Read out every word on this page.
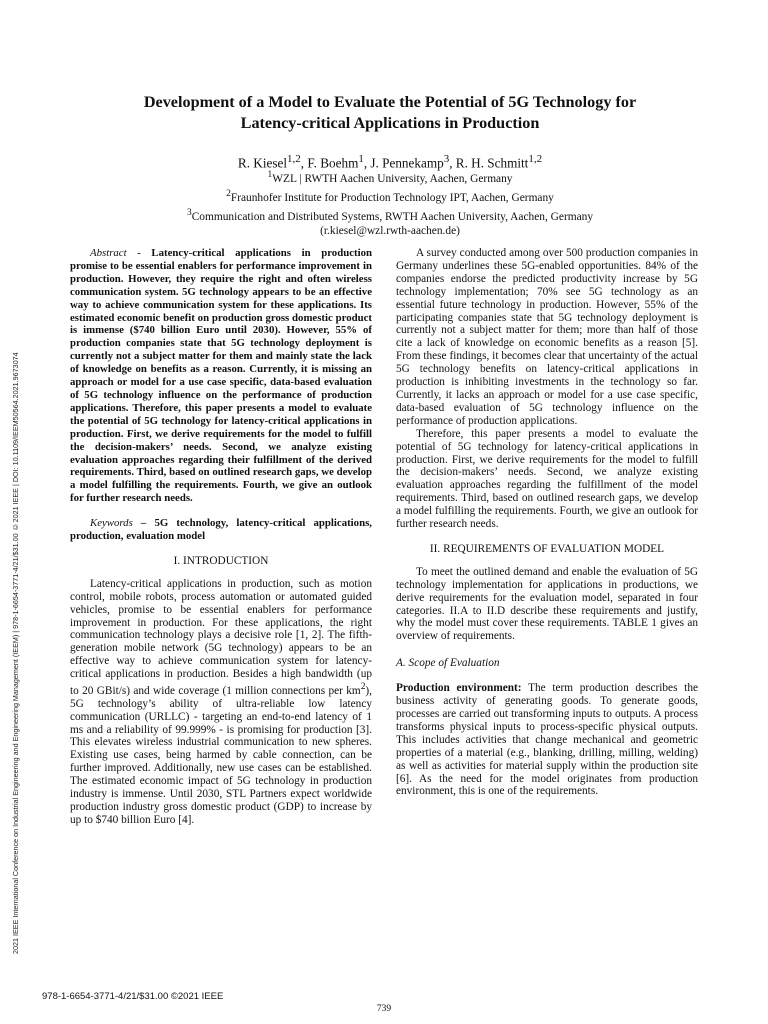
2021 IEEE International Conference on Industrial Engineering and Engineering Management (IEEM) | 978-1-6654-3771-4/21/$31.00 ©2021 IEEE | DOI: 10.1109/IEEM50564.2021.9673074
Development of a Model to Evaluate the Potential of 5G Technology for
Latency-critical Applications in Production
R. Kiesel$^{1,2}$, F. Boehm$^1$, J. Pennekamp$^3$, R. H. Schmitt$^{1,2}$
$^1$WZL | RWTH Aachen University, Aachen, Germany
$^2$Fraunhofer Institute for Production Technology IPT, Aachen, Germany
$^3$Communication and Distributed Systems, RWTH Aachen University, Aachen, Germany
(r.kiesel@wzl.rwth-aachen.de)

Abstract - Latency-critical applications in production promise to be essential enablers for performance improvement in production. However, they require the right and often wireless communication system. 5G technology appears to be an effective way to achieve communication system for these applications. Its estimated economic benefit on production gross domestic product is immense ($740 billion Euro until 2030). However, 55% of production companies state that 5G technology deployment is currently not a subject matter for them and mainly state the lack of knowledge on benefits as a reason. Currently, it is missing an approach or model for a use case specific, data-based evaluation of 5G technology influence on the performance of production applications. Therefore, this paper presents a model to evaluate the potential of 5G technology for latency-critical applications in production. First, we derive requirements for the model to fulfill the decision-makers’ needs. Second, we analyze existing evaluation approaches regarding their fulfillment of the derived requirements. Third, based on outlined research gaps, we develop a model fulfilling the requirements. Fourth, we give an outlook for further research needs.

Keywords – 5G technology, latency-critical applications, production, evaluation model

I. INTRODUCTION

Latency-critical applications in production, such as motion control, mobile robots, process automation or automated guided vehicles, promise to be essential enablers for performance improvement in production. For these applications, the right communication technology plays a decisive role [1, 2]. The fifth-generation mobile network (5G technology) appears to be an effective way to achieve communication system for latency-critical applications in production. Besides a high bandwidth (up to 20 GBit/s) and wide coverage (1 million connections per $km^2$), 5G technology’s ability of ultra-reliable low latency communication (URLLC) - targeting an end-to-end latency of 1 ms and a reliability of 99.999% - is promising for production [3]. This elevates wireless industrial communication to new spheres. Existing use cases, being harmed by cable connection, can be further improved. Additionally, new use cases can be established. The estimated economic impact of 5G technology in production industry is immense. Until 2030, STL Partners expect worldwide production industry gross domestic product (GDP) to increase by up to $740 billion Euro [4].

A survey conducted among over 500 production companies in Germany underlines these 5G-enabled opportunities. 84% of the companies endorse the predicted productivity increase by 5G technology implementation; 70% see 5G technology as an essential future technology in production. However, 55% of the participating companies state that 5G technology deployment is currently not a subject matter for them; more than half of those cite a lack of knowledge on economic benefits as a reason [5]. From these findings, it becomes clear that uncertainty of the actual 5G technology benefits on latency-critical applications in production is inhibiting investments in the technology so far. Currently, it lacks an approach or model for a use case specific, data-based evaluation of 5G technology influence on the performance of production applications.

Therefore, this paper presents a model to evaluate the potential of 5G technology for latency-critical applications in production. First, we derive requirements for the model to fulfill the decision-makers’ needs. Second, we analyze existing evaluation approaches regarding the fulfillment of the model requirements. Third, based on outlined research gaps, we develop a model fulfilling the requirements. Fourth, we give an outlook for further research needs.

II. REQUIREMENTS OF EVALUATION MODEL

To meet the outlined demand and enable the evaluation of 5G technology implementation for applications in productions, we derive requirements for the evaluation model, separated in four categories. II.A to II.D describe these requirements and justify, why the model must cover these requirements. TABLE 1 gives an overview of requirements.

A. Scope of Evaluation

Production environment: The term production describes the business activity of generating goods. To generate goods, processes are carried out transforming inputs to outputs. A process transforms physical inputs to process-specific physical outputs. This includes activities that change mechanical and geometric properties of a material (e.g., blanking, drilling, milling, welding) as well as activities for material supply within the production site [6]. As the need for the model originates from production environment, this is one of the requirements.

978-1-6654-3771-4/21/$31.00 ©2021 IEEE
739
